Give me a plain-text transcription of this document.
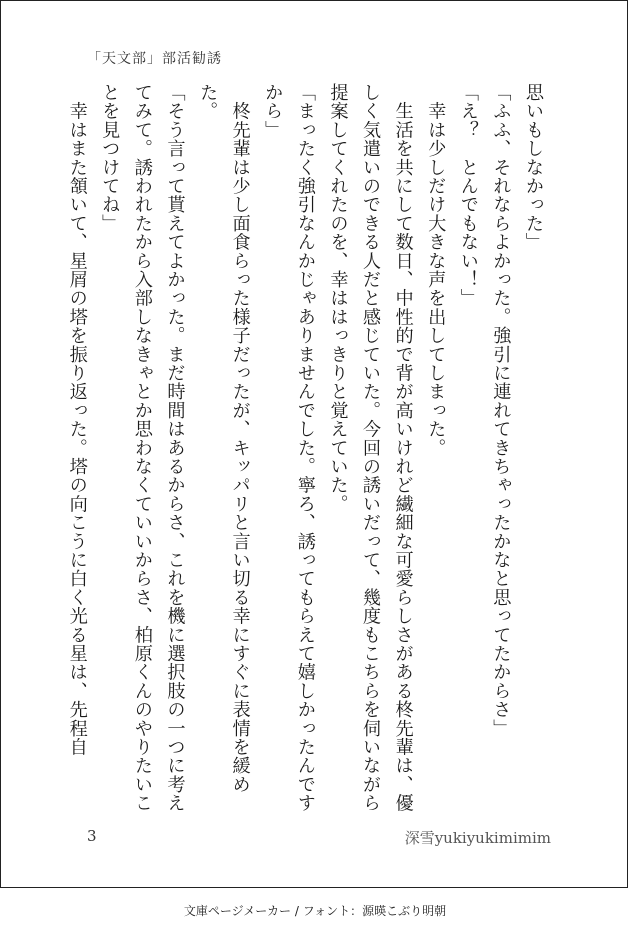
「天文部」部活勧誘

思いもしなかった」

「ふふ、それならよかった。強引に連れてきちゃったかなと思ってたからさ」

「え？　とんでもない！」

　幸は少しだけ大きな声を出してしまった。

　生活を共にして数日、中性的で背が高いけれど繊細な可愛らしさがある柊先輩は、優しく気遣いのできる人だと感じていた。今回の誘いだって、幾度もこちらを伺いながら提案してくれたのを、幸ははっきりと覚えていた。

「まったく強引なんかじゃありませんでした。寧ろ、誘ってもらえて嬉しかったんですから」

　柊先輩は少し面食らった様子だったが、キッパリと言い切る幸にすぐに表情を緩めた。

「そう言って貰えてよかった。まだ時間はあるからさ、これを機に選択肢の一つに考えてみて。誘われたから入部しなきゃとか思わなくていいからさ、柏原くんのやりたいことを見つけてね」

　幸はまた頷いて、星屑の塔を振り返った。塔の向こうに白く光る星は、先程自

3	深雪yukiyukimimim
文庫ページメーカー / フォント：源暎こぶり明朝
